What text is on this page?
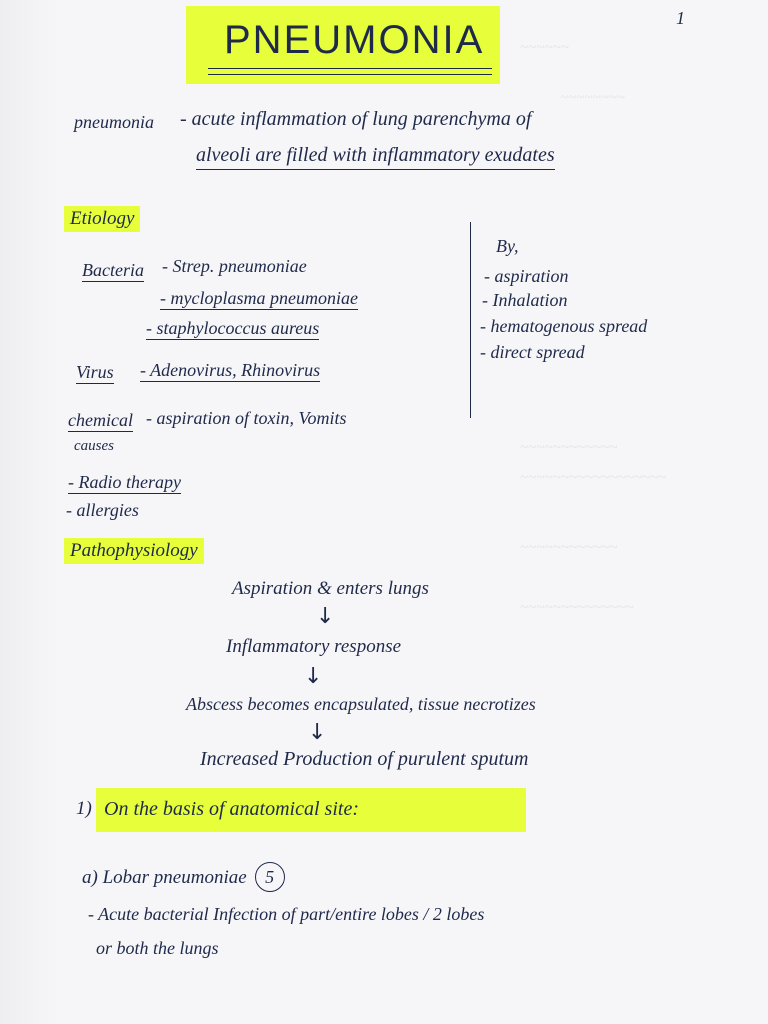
~~~~~~
~~~~~~~~
~~~~~~~~~~~~
~~~~~~~~~~~~~~~~~~
~~~~~~~~~~~~
~~~~~~~~~~~~~~
PNEUMONIA	1
pneumonia - acute inflammation of lung parenchyma of
alveoli are filled with inflammatory exudates
Etiology
Bacteria - Strep. pneumoniae
- mycloplasma pneumoniae
- staphylococcus aureus
Virus - Adenovirus, Rhinovirus
chemical - aspiration of toxin, Vomits
causes
- Radio therapy
- allergies
By,
- aspiration
- Inhalation
- hematogenous spread
- direct spread
Pathophysiology
Aspiration & enters lungs
↓
Inflammatory response
↓
Abscess becomes encapsulated, tissue necrotizes
↓
Increased Production of purulent sputum
1) On the basis of anatomical site:
a) Lobar pneumoniae 5
- Acute bacterial Infection of part/entire lobes / 2 lobes
or both the lungs
